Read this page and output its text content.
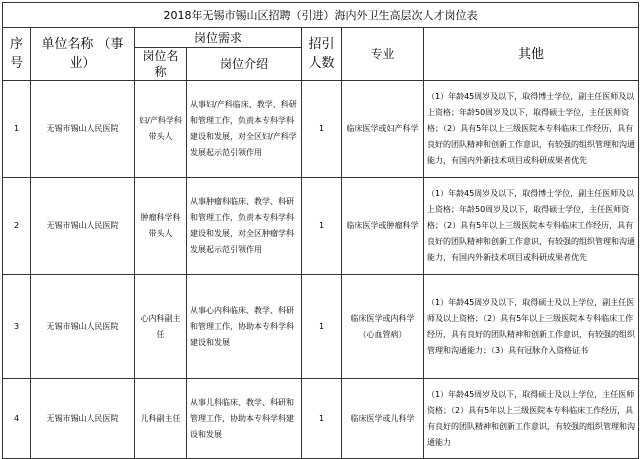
2018年无锡市锡山区招聘（引进）海内外卫生高层次人才岗位表						
序号	单位名称 （事业）	岗位需求		招引人数	专业	其他
		岗位名称	岗位介绍			
1	无锡市锡山人民医院	妇/产科学科带头人	从事妇/产科临床、教学、科研和管理工作，负责本专科学科建设和发展，对全区妇/产科学发展起示范引领作用	1	临床医学或妇产科学	（1）年龄45周岁及以下，取得博士学位，副主任医师及以上资格；年龄50周岁及以下，取得硕士学位，主任医师资格；（2）具有5年以上三级医院本专科临床工作经历，具有良好的团队精神和创新工作意识，有较强的组织管理和沟通能力，有国内外新技术项目或科研成果者优先
2	无锡市锡山人民医院	肿瘤科学科带头人	从事肿瘤科临床、教学、科研和管理工作，负责本专科学科建设和发展，对全区肿瘤学科发展起示范引领作用	1	临床医学或肿瘤科学	（1）年龄45周岁及以下，取得博士学位，副主任医师及以上资格；年龄50周岁及以下，取得硕士学位，主任医师资格；（2）具有5年以上三级医院本专科临床工作经历，具有良好的团队精神和创新工作意识，有较强的组织管理和沟通能力，有国内外新技术项目或科研成果者优先
3	无锡市锡山人民医院	心内科副主任	从事心内科临床、教学、科研和管理工作，协助本专科学科建设和发展	1	临床医学或内科学（心血管病）	（1）年龄45周岁及以下，取得硕士及以上学位，副主任医师及以上资格；（2）具有5年以上三级医院本专科临床工作经历，具有良好的团队精神和创新工作意识，有较强的组织管理和沟通能力；（3）具有冠脉介入资格证书
4	无锡市锡山人民医院	儿科副主任	从事儿科临床、教学、科研和管理工作，协助本专科学科建设和发展	1	临床医学或儿科学	（1）年龄45周岁及以下，取得硕士及以上学位，主任医师资格；（2）具有5年以上三级医院本专科临床工作经历，具有良好的团队精神和创新工作意识，有较强的组织管理和沟通能力
